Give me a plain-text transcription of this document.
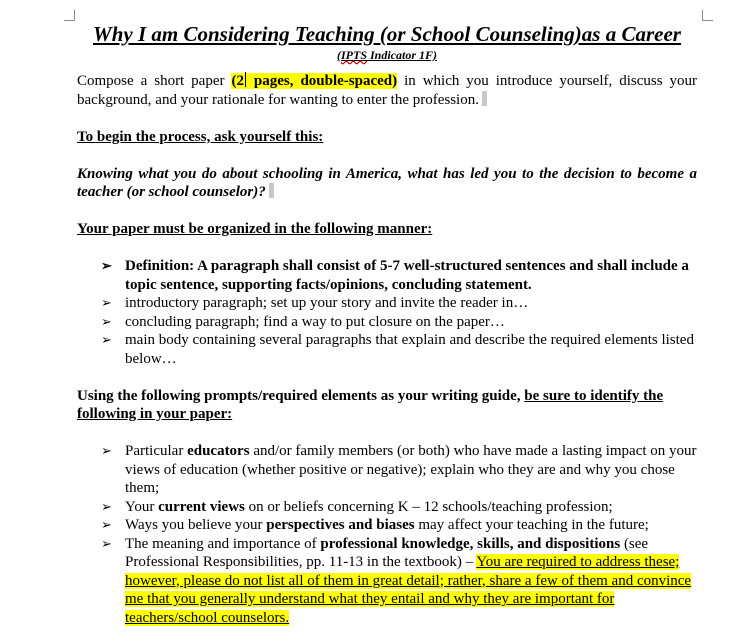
Why I am Considering Teaching (or School Counseling)as a Career
(IPTS Indicator 1F)

Compose a short paper (2 pages, double-spaced) in which you introduce yourself, discuss your background, and your rationale for wanting to enter the profession.

To begin the process, ask yourself this:

Knowing what you do about schooling in America, what has led you to the decision to become a teacher (or school counselor)?

Your paper must be organized in the following manner:

➢ Definition: A paragraph shall consist of 5-7 well-structured sentences and shall include a topic sentence, supporting facts/opinions, concluding statement.
➢ introductory paragraph; set up your story and invite the reader in…
➢ concluding paragraph; find a way to put closure on the paper…
➢ main body containing several paragraphs that explain and describe the required elements listed below…

Using the following prompts/required elements as your writing guide, be sure to identify the following in your paper:

➢ Particular educators and/or family members (or both) who have made a lasting impact on your views of education (whether positive or negative); explain who they are and why you chose them;
➢ Your current views on or beliefs concerning K – 12 schools/teaching profession;
➢ Ways you believe your perspectives and biases may affect your teaching in the future;
➢ The meaning and importance of professional knowledge, skills, and dispositions (see Professional Responsibilities, pp. 11-13 in the textbook) – You are required to address these; however, please do not list all of them in great detail; rather, share a few of them and convince me that you generally understand what they entail and why they are important for teachers/school counselors.
